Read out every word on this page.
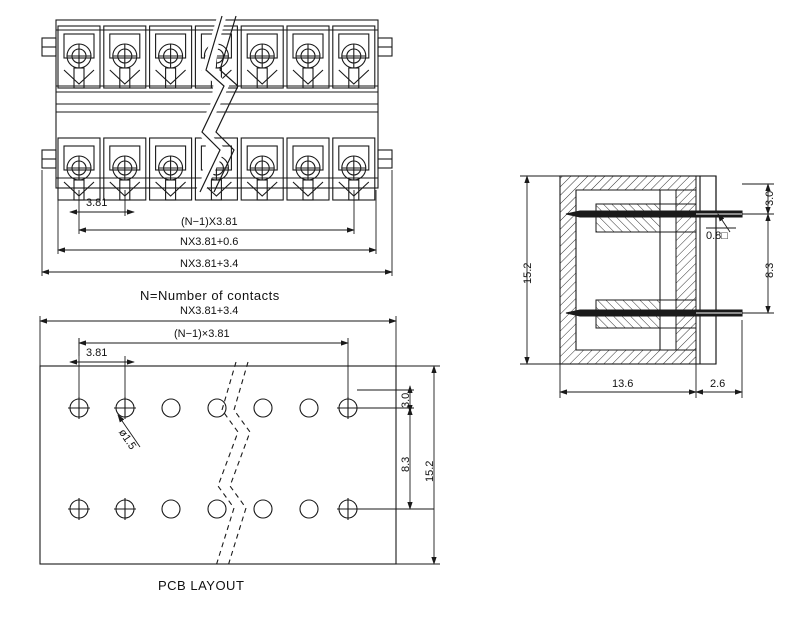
3.81
(N−1)X3.81
NX3.81+0.6
NX3.81+3.4
N=Number of contacts
NX3.81+3.4
(N−1)×3.81
3.81
ø1.5
3.0
8.3 15.2
PCB LAYOUT
15.2
3.0
0.8□
8.3
13.6	2.6
